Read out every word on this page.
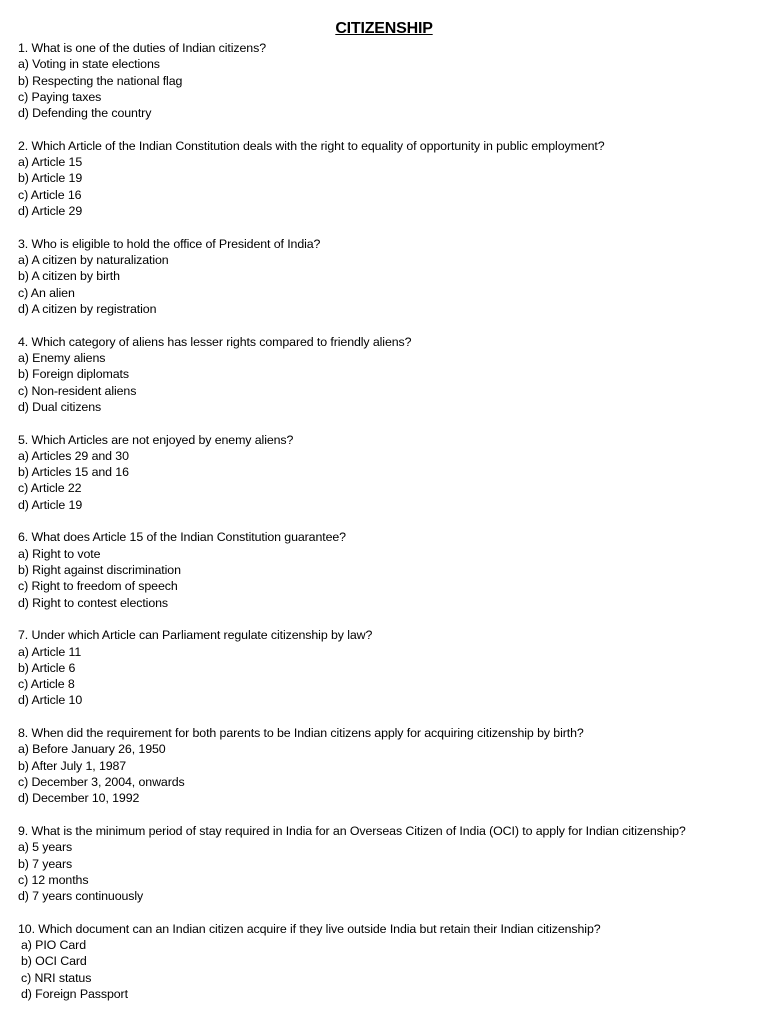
CITIZENSHIP
1. What is one of the duties of Indian citizens?
a) Voting in state elections
b) Respecting the national flag
c) Paying taxes
d) Defending the country
2. Which Article of the Indian Constitution deals with the right to equality of opportunity in public employment?
a) Article 15
b) Article 19
c) Article 16
d) Article 29
3. Who is eligible to hold the office of President of India?
a) A citizen by naturalization
b) A citizen by birth
c) An alien
d) A citizen by registration
4. Which category of aliens has lesser rights compared to friendly aliens?
a) Enemy aliens
b) Foreign diplomats
c) Non-resident aliens
d) Dual citizens
5. Which Articles are not enjoyed by enemy aliens?
a) Articles 29 and 30
b) Articles 15 and 16
c) Article 22
d) Article 19
6. What does Article 15 of the Indian Constitution guarantee?
a) Right to vote
b) Right against discrimination
c) Right to freedom of speech
d) Right to contest elections
7. Under which Article can Parliament regulate citizenship by law?
a) Article 11
b) Article 6
c) Article 8
d) Article 10
8. When did the requirement for both parents to be Indian citizens apply for acquiring citizenship by birth?
a) Before January 26, 1950
b) After July 1, 1987
c) December 3, 2004, onwards
d) December 10, 1992
9. What is the minimum period of stay required in India for an Overseas Citizen of India (OCI) to apply for Indian citizenship?
a) 5 years
b) 7 years
c) 12 months
d) 7 years continuously
10. Which document can an Indian citizen acquire if they live outside India but retain their Indian citizenship?
a) PIO Card
b) OCI Card
c) NRI status
d) Foreign Passport
